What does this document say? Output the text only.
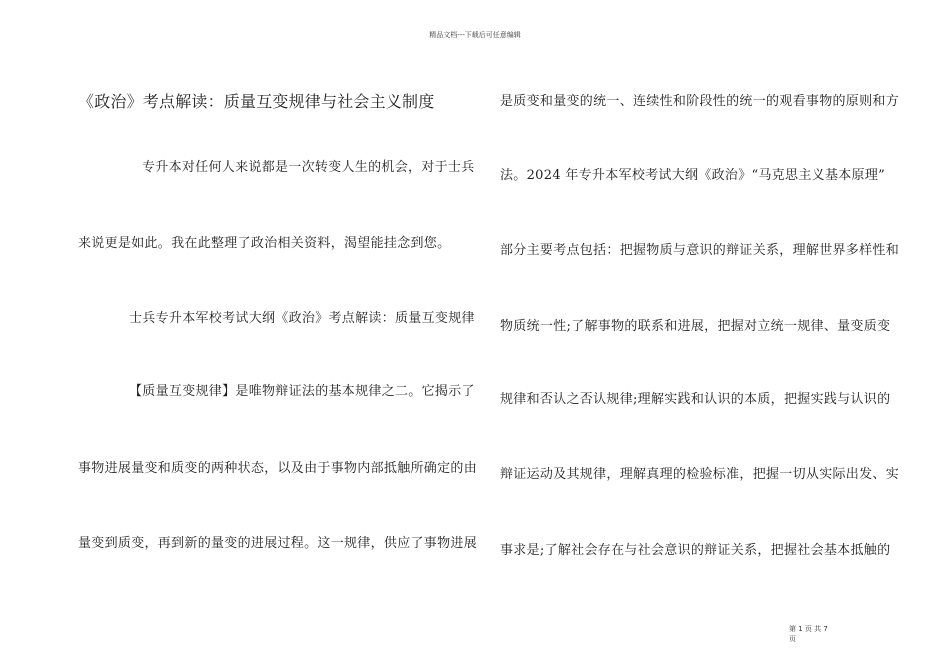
精品文档---下载后可任意编辑
《政治》考点解读：质量互变规律与社会主义制度
专升本对任何人来说都是一次转变人生的机会，对于士兵
来说更是如此。我在此整理了政治相关资料，渴望能挂念到您。
士兵专升本军校考试大纲《政治》考点解读：质量互变规律
【质量互变规律】是唯物辩证法的基本规律之二。它揭示了
事物进展量变和质变的两种状态，以及由于事物内部抵触所确定的由
量变到质变，再到新的量变的进展过程。这一规律，供应了事物进展
是质变和量变的统一、连续性和阶段性的统一的观看事物的原则和方
法。2024 年专升本军校考试大纲《政治》“马克思主义基本原理”
部分主要考点包括：把握物质与意识的辩证关系，理解世界多样性和
物质统一性;了解事物的联系和进展，把握对立统一规律、量变质变
规律和否认之否认规律;理解实践和认识的本质，把握实践与认识的
辩证运动及其规律，理解真理的检验标准，把握一切从实际出发、实
事求是;了解社会存在与社会意识的辩证关系，把握社会基本抵触的
第 1 页 共 7
页
